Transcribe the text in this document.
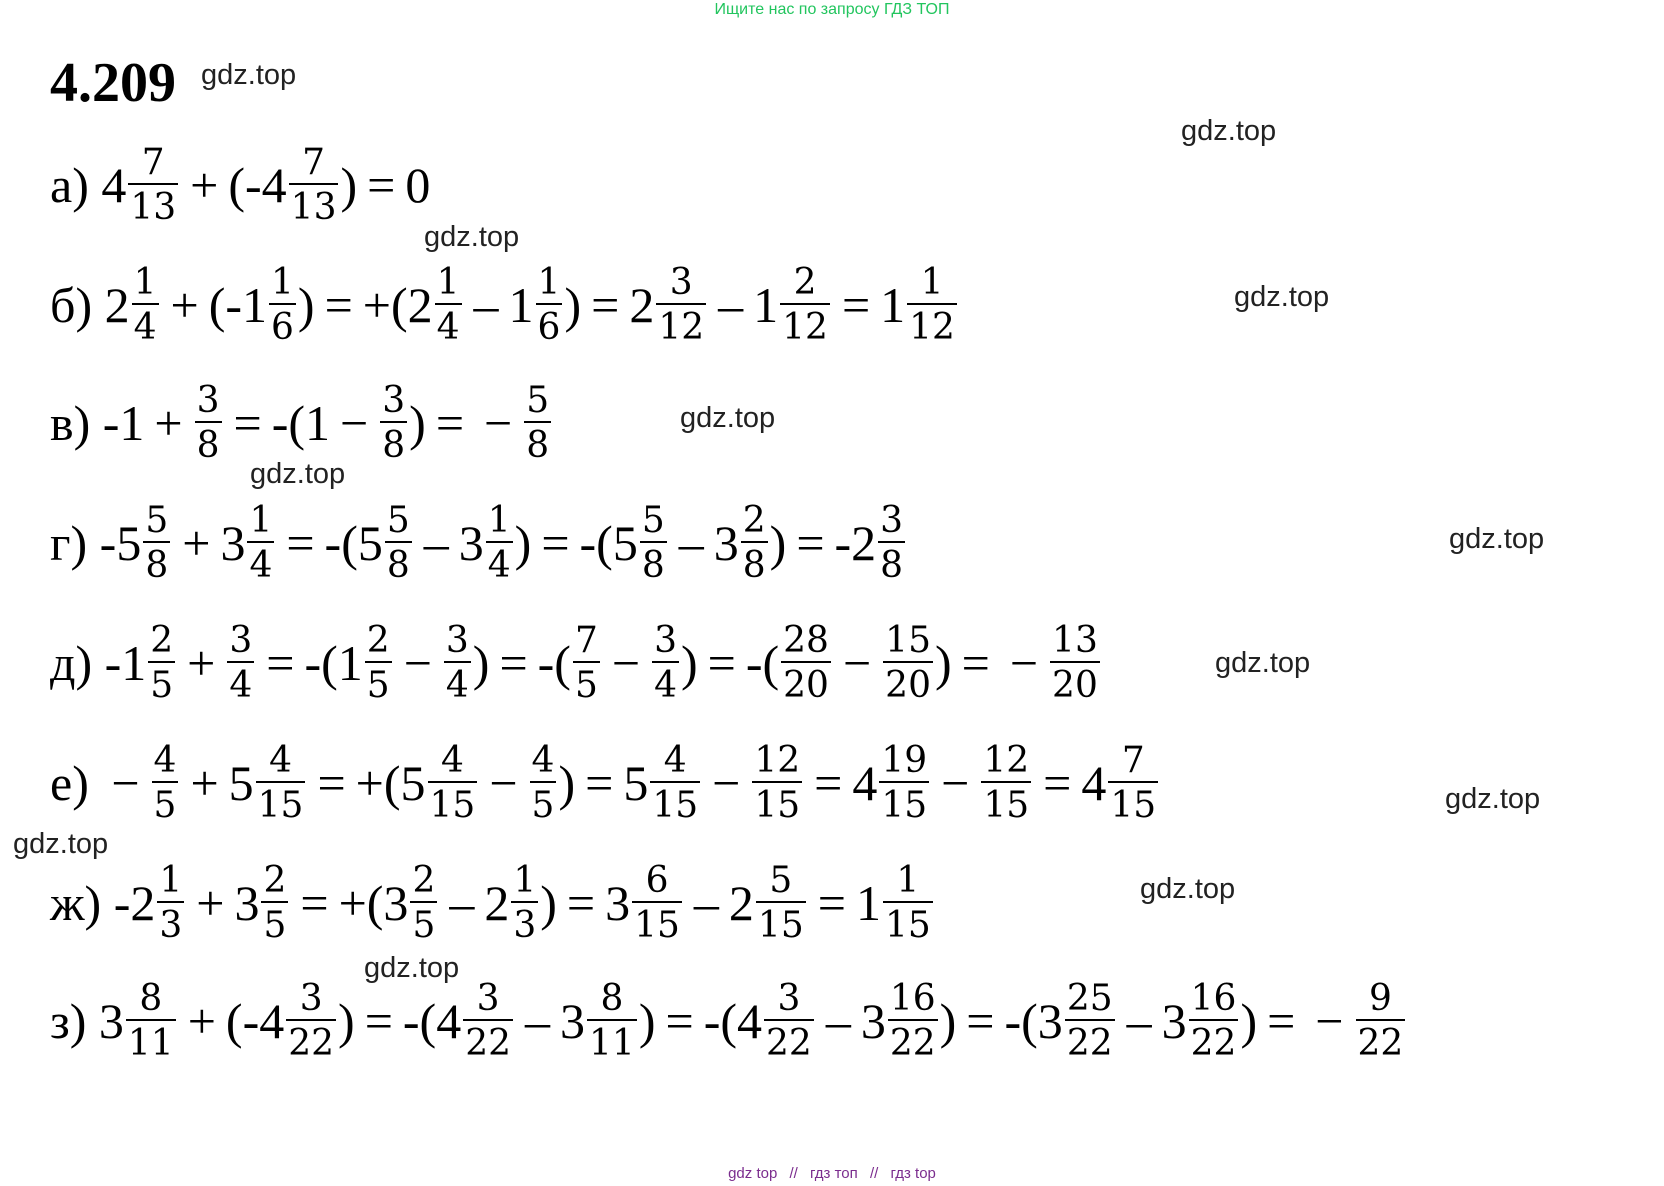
Ищите нас по запросу ГДЗ ТОП
4.209 gdz.top
gdz.top
gdz.top
gdz.top
gdz.top
gdz.top
gdz.top
gdz.top
gdz.top
gdz.top
gdz.top
gdz.top
а)
$4 \frac{7}{13} + (-4 \frac{7}{13}$ ) = 0
б)
$2 \frac{1}{4} + (-1 \frac{1}{6}$ ) = $+(2 \frac{1}{4} - 1 \frac{1}{6}$ ) = $2 \frac{3}{12} - 1 \frac{2}{12} = 1 \frac{1}{12}$
в)
$-1 + \frac{3}{8} = -(1 - \frac{3}{8}$ ) = − $\frac{5}{8}$
г)
$-5 \frac{5}{8} + 3 \frac{1}{4} = -(5 \frac{5}{8} - 3 \frac{1}{4}$ ) = $-(5 \frac{5}{8} - 3 \frac{2}{8}$ ) = $-2 \frac{3}{8}$
д)
$-1 \frac{2}{5} + \frac{3}{4} = -(1 \frac{2}{5} - \frac{3}{4}$ ) = -( $\frac{7}{5} - \frac{3}{4}$ ) = -( $\frac{28}{20} - \frac{15}{20}$ ) = − $\frac{13}{20}$
е)
− $\frac{4}{5} + 5 \frac{4}{15} = +(5 \frac{4}{15} - \frac{4}{5}$ ) = $5 \frac{4}{15} - \frac{12}{15} = 4 \frac{19}{15} - \frac{12}{15} = 4 \frac{7}{15}$
ж)
$-2 \frac{1}{3} + 3 \frac{2}{5} = +(3 \frac{2}{5} - 2 \frac{1}{3}$ ) = $3 \frac{6}{15} - 2 \frac{5}{15} = 1 \frac{1}{15}$
з)
$3 \frac{8}{11} + (-4 \frac{3}{22}$ ) = $-(4 \frac{3}{22} - 3 \frac{8}{11}$ ) = $-(4 \frac{3}{22} - 3 \frac{16}{22}$ ) = $-(3 \frac{25}{22} - 3 \frac{16}{22}$ ) = − $\frac{9}{22}$
gdz top // гдз топ // гдз top
